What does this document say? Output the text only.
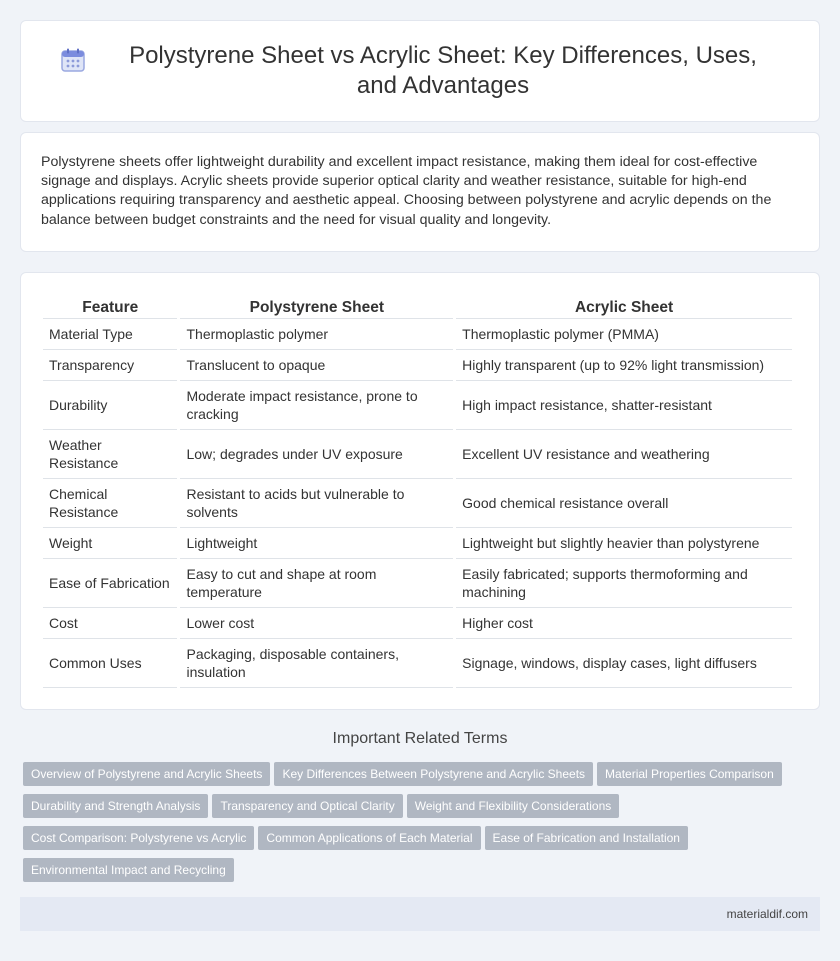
Polystyrene Sheet vs Acrylic Sheet: Key Differences, Uses, and Advantages

Polystyrene sheets offer lightweight durability and excellent impact resistance, making them ideal for cost-effective signage and displays. Acrylic sheets provide superior optical clarity and weather resistance, suitable for high-end applications requiring transparency and aesthetic appeal. Choosing between polystyrene and acrylic depends on the balance between budget constraints and the need for visual quality and longevity.

Feature	Polystyrene Sheet	Acrylic Sheet
Material Type	Thermoplastic polymer	Thermoplastic polymer (PMMA)
Transparency	Translucent to opaque	Highly transparent (up to 92% light transmission)
Durability	Moderate impact resistance, prone to cracking	High impact resistance, shatter-resistant
Weather Resistance	Low; degrades under UV exposure	Excellent UV resistance and weathering
Chemical Resistance	Resistant to acids but vulnerable to solvents	Good chemical resistance overall
Weight	Lightweight	Lightweight but slightly heavier than polystyrene
Ease of Fabrication	Easy to cut and shape at room temperature	Easily fabricated; supports thermoforming and machining
Cost	Lower cost	Higher cost
Common Uses	Packaging, disposable containers, insulation	Signage, windows, display cases, light diffusers
Important Related Terms
Overview of Polystyrene and Acrylic Sheets Key Differences Between Polystyrene and Acrylic Sheets Material Properties Comparison
Durability and Strength Analysis Transparency and Optical Clarity Weight and Flexibility Considerations
Cost Comparison: Polystyrene vs Acrylic Common Applications of Each Material Ease of Fabrication and Installation
Environmental Impact and Recycling
materialdif.com
